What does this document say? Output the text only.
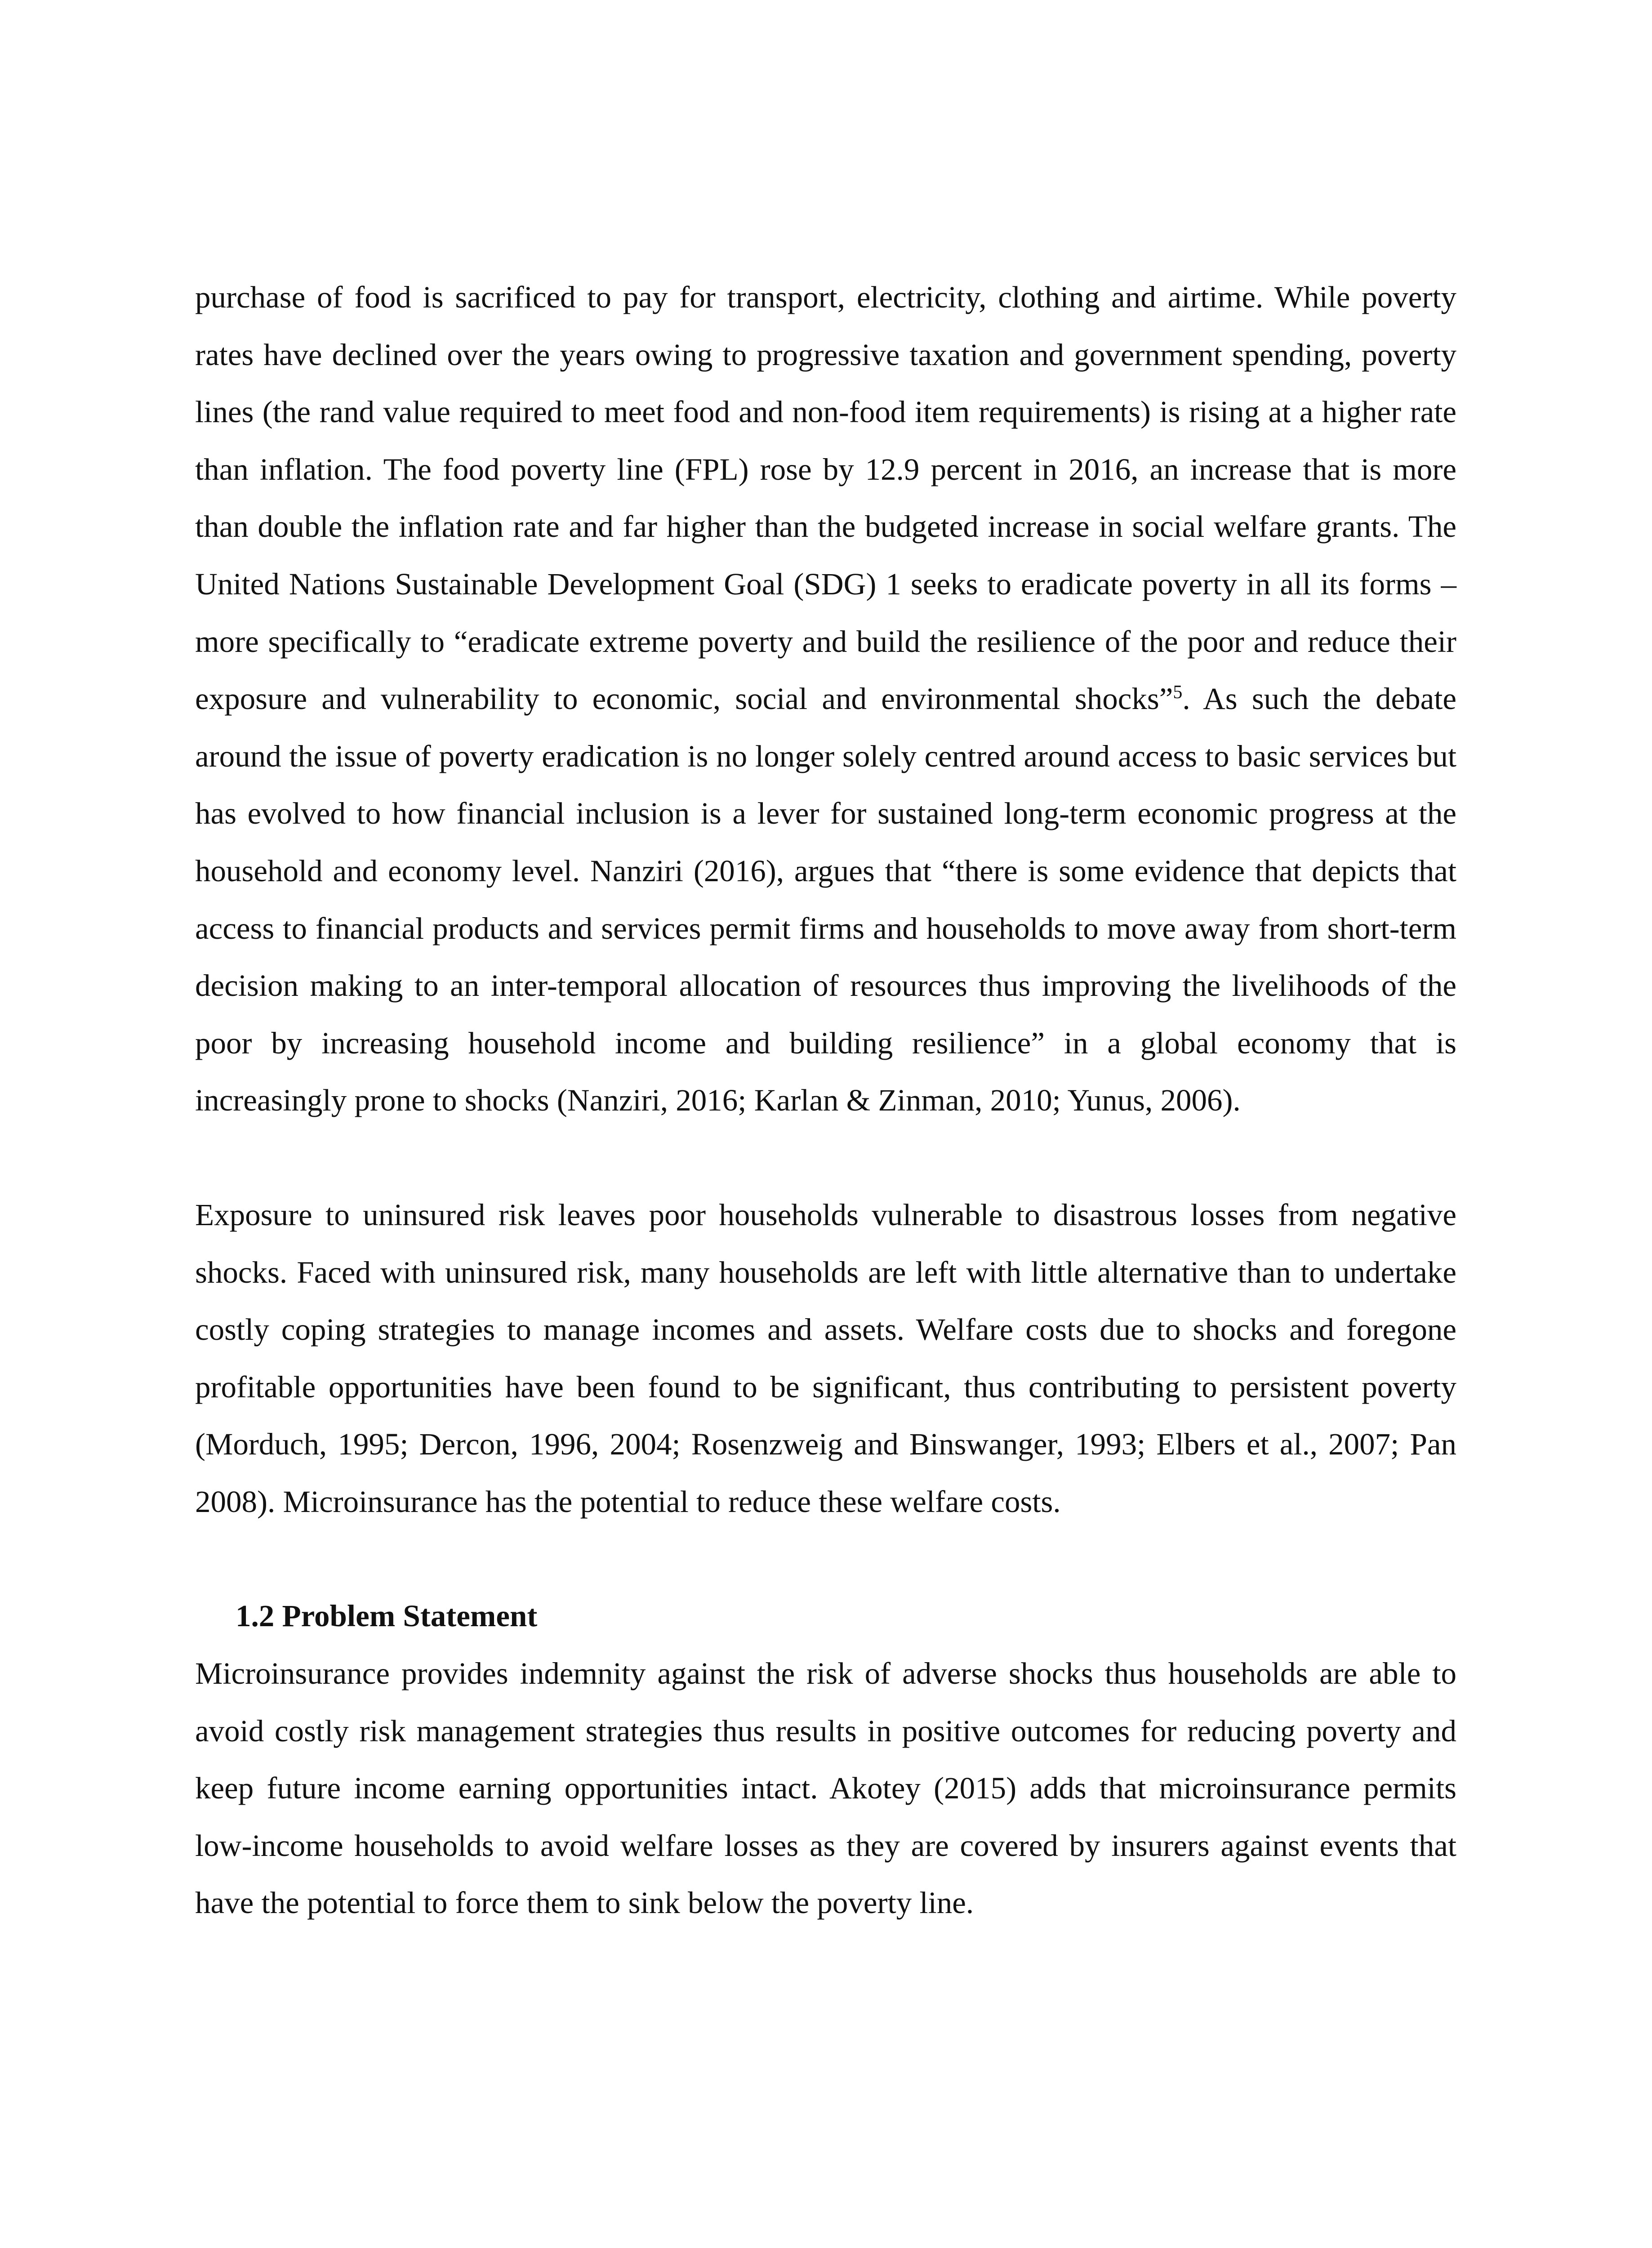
purchase of food is sacrificed to pay for transport, electricity, clothing and airtime. While poverty rates have declined over the years owing to progressive taxation and government spending, poverty lines (the rand value required to meet food and non-food item requirements) is rising at a higher rate than inflation. The food poverty line (FPL) rose by 12.9 percent in 2016, an increase that is more than double the inflation rate and far higher than the budgeted increase in social welfare grants. The United Nations Sustainable Development Goal (SDG) 1 seeks to eradicate poverty in all its forms – more specifically to “eradicate extreme poverty and build the resilience of the poor and reduce their exposure and vulnerability to economic, social and environmental shocks”$^5$. As such the debate around the issue of poverty eradication is no longer solely centred around access to basic services but has evolved to how financial inclusion is a lever for sustained long-term economic progress at the household and economy level. Nanziri (2016), argues that “there is some evidence that depicts that access to financial products and services permit firms and households to move away from short-term decision making to an inter-temporal allocation of resources thus improving the livelihoods of the poor by increasing household income and building resilience” in a global economy that is increasingly prone to shocks (Nanziri, 2016; Karlan & Zinman, 2010; Yunus, 2006).

Exposure to uninsured risk leaves poor households vulnerable to disastrous losses from negative shocks. Faced with uninsured risk, many households are left with little alternative than to undertake costly coping strategies to manage incomes and assets. Welfare costs due to shocks and foregone profitable opportunities have been found to be significant, thus contributing to persistent poverty (Morduch, 1995; Dercon, 1996, 2004; Rosenzweig and Binswanger, 1993; Elbers et al., 2007; Pan 2008). Microinsurance has the potential to reduce these welfare costs.

1.2 Problem Statement

Microinsurance provides indemnity against the risk of adverse shocks thus households are able to avoid costly risk management strategies thus results in positive outcomes for reducing poverty and keep future income earning opportunities intact. Akotey (2015) adds that microinsurance permits low-income households to avoid welfare losses as they are covered by insurers against events that have the potential to force them to sink below the poverty line.
